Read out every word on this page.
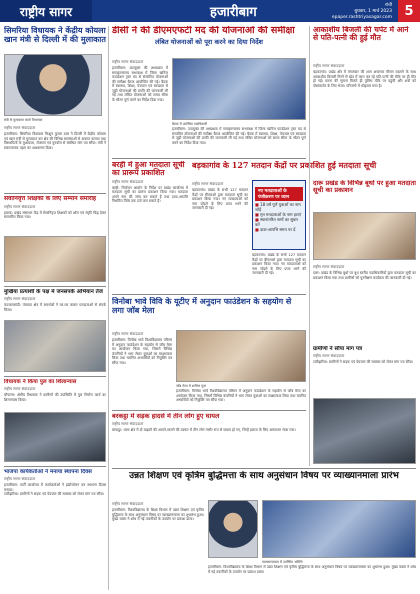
राष्ट्रीय सागर	हजारीबाग	रांची
बुधवार, 1 मार्च 2023
epaper.rashtriyasagar.com 5
सिमरिया विधायक ने केंद्रीय कोयला खान मंत्री से दिल्ली में की मुलाकात
मंत्री से मुलाकात करते विधायक
राष्ट्रीय सागर संवाददाता
हजारीबाग: सिमरिया विधायक किशुन कुमार दास ने दिल्ली में केंद्रीय कोयला एवं खान मंत्री से मुलाकात कर क्षेत्र की विभिन्न समस्याओं से अवगत कराया तथा विस्थापितों के मुआवजा, रोजगार एवं पुनर्वास से संबंधित मांग पत्र सौंपा। मंत्री ने सकारात्मक पहल का आश्वासन दिया।
सेवानिवृत्त शिक्षकों के लिए सम्मान समारोह
राष्ट्रीय सागर संवाददाता
इचाक: प्रखंड संसाधन केंद्र में सेवानिवृत्त शिक्षकों को शॉल एवं स्मृति चिह्न देकर सम्मानित किया गया।
मुखिया प्रत्याशी के पक्ष में जनसंपर्क अभियान तेज
राष्ट्रीय सागर संवाददाता
कटकमसांडी: पंचायत क्षेत्र में समर्थकों ने घर-घर जाकर मतदाताओं से संपर्क किया।
विधायक ने किया पुल का शिलान्यास
राष्ट्रीय सागर संवाददाता
चौपारण: क्षेत्रीय विधायक ने ग्रामीणों की उपस्थिति में पुल निर्माण कार्य का शिलान्यास किया।
भाजपा कार्यकर्ताओं ने मनाया स्थापना दिवस
राष्ट्रीय सागर संवाददाता
हजारीबाग: पार्टी कार्यालय में कार्यकर्ताओं ने झंडोत्तोलन कर स्थापना दिवस मनाया।
टाटीझरिया: ग्रामीणों ने सड़क एवं पेयजल की समस्या को लेकर मांग पत्र सौंपा।
डीसी ने की डीएमएफटी मद की योजनाओं की समीक्षा
लंबित योजनाओं को पूरा करने का दिया निर्देश
राष्ट्रीय सागर संवाददाता
हजारीबाग: उपायुक्त की अध्यक्षता में समाहरणालय सभाकक्ष में जिला खनिज फाउंडेशन ट्रस्ट मद से संचालित योजनाओं की समीक्षा बैठक आयोजित की गई। बैठक में स्वास्थ्य, शिक्षा, पेयजल एवं स्वच्छता से जुड़ी योजनाओं की प्रगति की जानकारी ली गई तथा लंबित योजनाओं को समय सीमा के भीतर पूर्ण करने का निर्देश दिया गया।
बैठक में उपस्थित पदाधिकारी
हजारीबाग: उपायुक्त की अध्यक्षता में समाहरणालय सभाकक्ष में जिला खनिज फाउंडेशन ट्रस्ट मद से संचालित योजनाओं की समीक्षा बैठक आयोजित की गई। बैठक में स्वास्थ्य, शिक्षा, पेयजल एवं स्वच्छता से जुड़ी योजनाओं की प्रगति की जानकारी ली गई तथा लंबित योजनाओं को समय सीमा के भीतर पूर्ण करने का निर्देश दिया गया।
बरही में हुआ मतदाता सूची का प्रारूप प्रकाशित
राष्ट्रीय सागर संवाददाता
बरही: निर्वाचन आयोग के निर्देश पर प्रखंड कार्यालय में मतदाता सूची का प्रारूप प्रकाशन किया गया। मतदाता अपने नाम की जांच कर सकते हैं तथा दावा-आपत्ति निर्धारित तिथि तक दर्ज करा सकते हैं।
बड़कागांव के 127 मतदान केंद्रों पर प्रकाशित हुई मतदाता सूची
राष्ट्रीय सागर संवाददाता
बड़कागांव: प्रखंड के सभी 127 मतदान केंद्रों पर बीएलओ द्वारा मतदाता सूची का प्रकाशन किया गया। नए मतदाताओं को नाम जोड़ने के लिए प्रपत्र भरने की जानकारी दी गई।
नए मतदाताओं के पंजीकरण पर ध्यान
■ 18 वर्ष पूर्ण युवाओं का नाम जोड़ें
■ मृत मतदाताओं के नाम हटाएं
■ स्थानांतरित नामों का सुधार करें
■ दावा-आपत्ति समय पर दें
बड़कागांव: प्रखंड के सभी 127 मतदान केंद्रों पर बीएलओ द्वारा मतदाता सूची का प्रकाशन किया गया। नए मतदाताओं को नाम जोड़ने के लिए प्रपत्र भरने की जानकारी दी गई।
विनोबा भावे विवि के यूटीए में अनुदान फाउंडेशन के सहयोग से लगा जॉब मेला
राष्ट्रीय सागर संवाददाता
हजारीबाग: विनोबा भावे विश्वविद्यालय परिसर में अनुदान फाउंडेशन के सहयोग से जॉब मेला का आयोजन किया गया, जिसमें विभिन्न कंपनियों ने भाग लेकर युवाओं का साक्षात्कार लिया तथा चयनित अभ्यर्थियों को नियुक्ति पत्र सौंपा गया।
जॉब मेला में शामिल युवा
हजारीबाग: विनोबा भावे विश्वविद्यालय परिसर में अनुदान फाउंडेशन के सहयोग से जॉब मेला का आयोजन किया गया, जिसमें विभिन्न कंपनियों ने भाग लेकर युवाओं का साक्षात्कार लिया तथा चयनित अभ्यर्थियों को नियुक्ति पत्र सौंपा गया।
बरकट्ठा में सड़क हादसे में तीन लोग हुए घायल
राष्ट्रीय सागर संवाददाता
बरकट्ठा: थाना क्षेत्र में दो बाइकों की आमने-सामने की टक्कर में तीन लोग गंभीर रूप से घायल हो गए, जिन्हें इलाज के लिए अस्पताल भेजा गया।
उन्नत शिक्षण एवं कृत्रिम बुद्धिमत्ता के साथ अनुसंधान विषय पर व्याख्यानमाला प्रारंभ
राष्ट्रीय सागर संवाददाता
हजारीबाग: विश्वविद्यालय के शिक्षा विभाग में उन्नत शिक्षण एवं कृत्रिम बुद्धिमत्ता के साथ अनुसंधान विषय पर व्याख्यानमाला का शुभारंभ हुआ। मुख्य वक्ता ने शोध में नई तकनीकों के उपयोग पर प्रकाश डाला।
व्याख्यानमाला में उपस्थित अतिथि
हजारीबाग: विश्वविद्यालय के शिक्षा विभाग में उन्नत शिक्षण एवं कृत्रिम बुद्धिमत्ता के साथ अनुसंधान विषय पर व्याख्यानमाला का शुभारंभ हुआ। मुख्य वक्ता ने शोध में नई तकनीकों के उपयोग पर प्रकाश डाला।
आकाशीय बिजली की चपेट में आने से पति-पत्नी की हुई मौत
राष्ट्रीय सागर संवाददाता
बड़कागांव: प्रखंड क्षेत्र में मंगलवार की शाम अचानक मौसम बदलने के साथ आकाशीय बिजली गिरने से खेत में काम कर रहे पति-पत्नी की मौके पर ही मौत हो गई। घटना की सूचना मिलते ही पुलिस मौके पर पहुंची और शवों को पोस्टमार्टम के लिए भेजा। परिजनों में कोहराम मचा है।
दारू प्रखंड के विभिन्न बूथों पर हुआ मतदाता सूची का प्रकाशन
राष्ट्रीय सागर संवाददाता
दारू: प्रखंड के विभिन्न बूथों पर बूथ स्तरीय पदाधिकारियों द्वारा मतदाता सूची का प्रकाशन किया गया तथा ग्रामीणों को पुनरीक्षण कार्यक्रम की जानकारी दी गई।
ग्रामीणों ने सौंपा मांग पत्र
राष्ट्रीय सागर संवाददाता
टाटीझरिया: ग्रामीणों ने सड़क एवं पेयजल की समस्या को लेकर मांग पत्र सौंपा।
